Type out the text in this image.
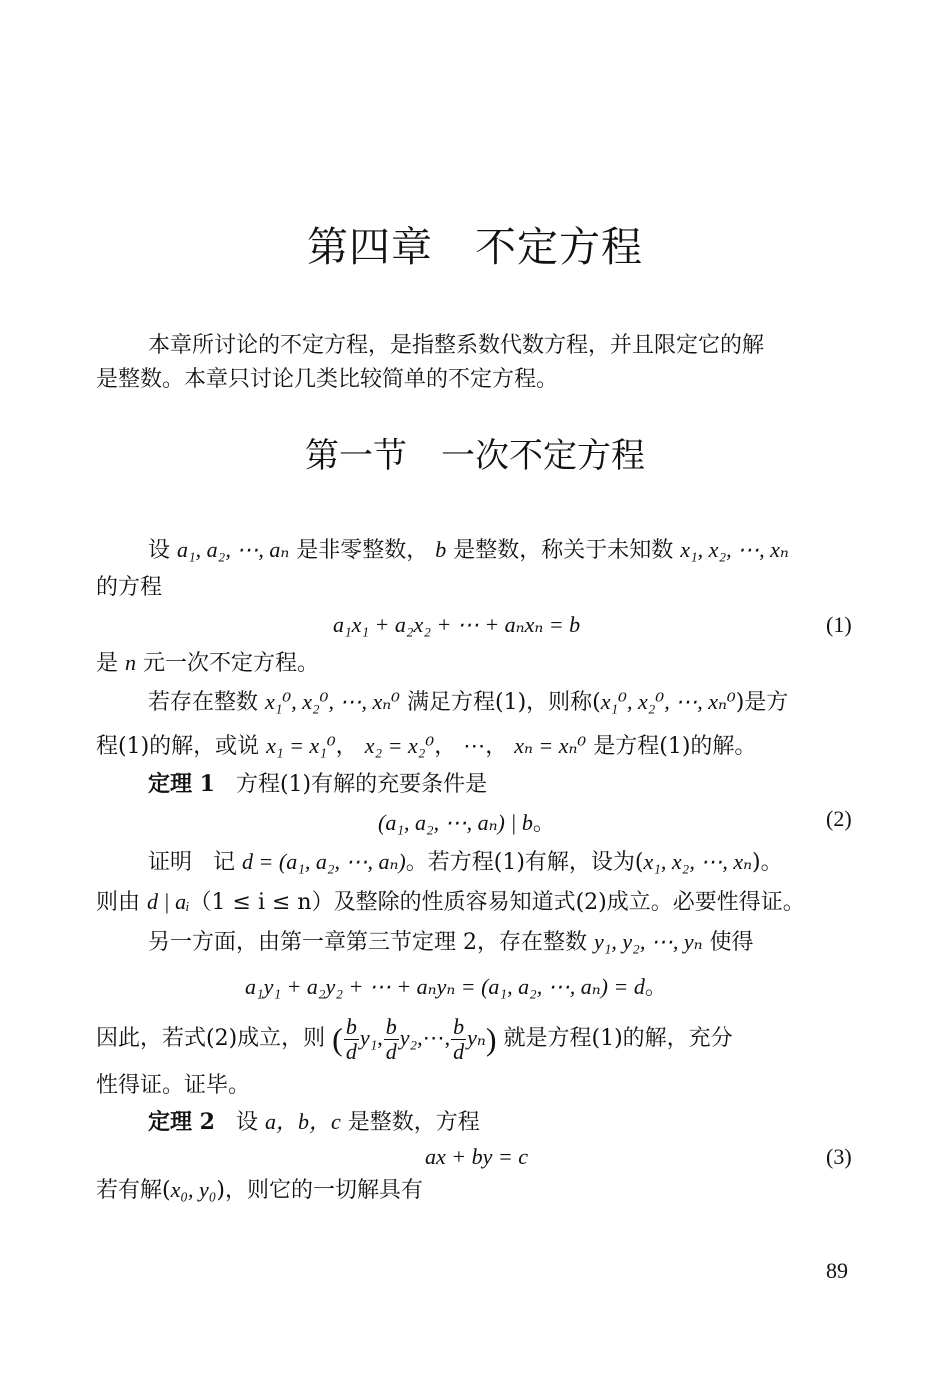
第四章　不定方程
本章所讨论的不定方程，是指整系数代数方程，并且限定它的解
是整数。本章只讨论几类比较简单的不定方程。
第一节　一次不定方程
设 a₁, a₂, ⋯, aₙ 是非零整数， b 是整数，称关于未知数 x₁, x₂, ⋯, xₙ
的方程
a₁x₁ + a₂x₂ + ⋯ + aₙxₙ = b	(1)
是 n 元一次不定方程。
若存在整数 x₁⁰, x₂⁰, ⋯, xₙ⁰ 满足方程(1)，则称(x₁⁰, x₂⁰, ⋯, xₙ⁰)是方
程(1)的解，或说 x₁ = x₁⁰， x₂ = x₂⁰， ⋯， xₙ = xₙ⁰ 是方程(1)的解。
定理 1 方程(1)有解的充要条件是
(a₁, a₂, ⋯, aₙ) | b。	(2)
证明 记 d = (a₁, a₂, ⋯, aₙ)。若方程(1)有解，设为(x₁, x₂, ⋯, xₙ)。
则由 d | aᵢ（1 ≤ i ≤ n）及整除的性质容易知道式(2)成立。必要性得证。
另一方面，由第一章第三节定理 2，存在整数 y₁, y₂, ⋯, yₙ 使得
a₁y₁ + a₂y₂ + ⋯ + aₙyₙ = (a₁, a₂, ⋯, aₙ) = d。
因此，若式(2)成立，则 ( $\frac{b}{d} y_1$, $\frac{b}{d}$ y₂,⋯, $\frac{b}{d} y_n$) 就是方程(1)的解，充分
性得证。证毕。
定理 2 设 a，b，c 是整数，方程
ax + by = c	(3)
若有解(x₀, y₀)，则它的一切解具有
89
